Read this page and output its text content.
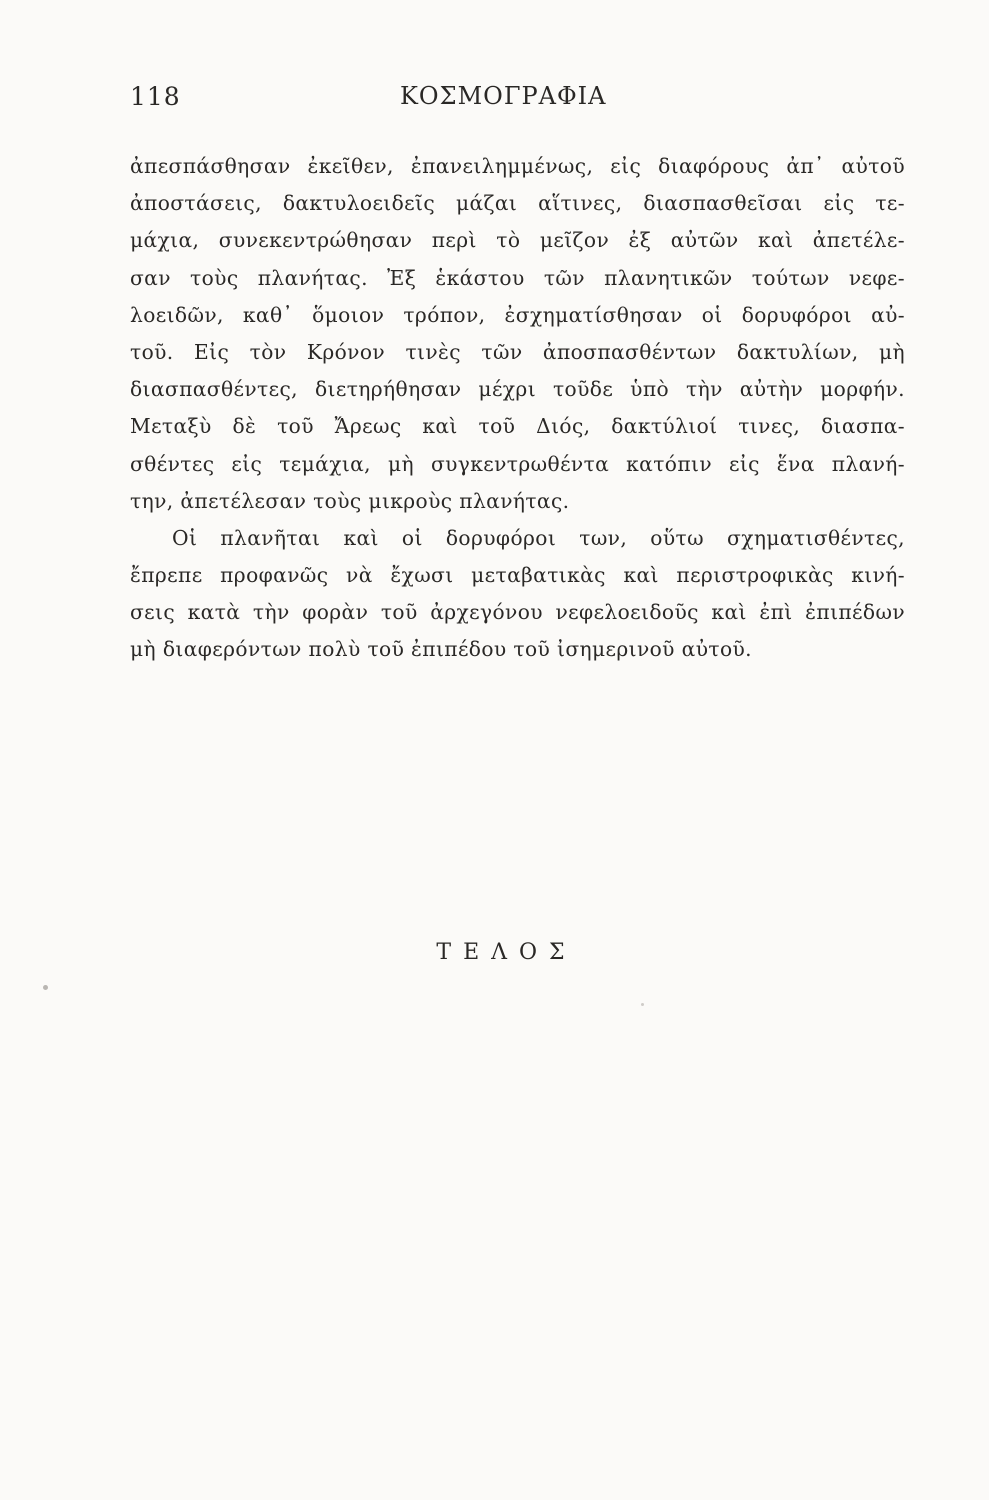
118	ΚΟΣΜΟΓΡΑΦΙΑ
ἀπεσπάσθησαν ἐκεῖθεν, ἐπανειλημμένως, εἰς διαφόρους ἀπ᾿ αὐτοῦ
ἀποστάσεις, δακτυλοειδεῖς μάζαι αἵτινες, διασπασθεῖσαι εἰς τε-
μάχια, συνεκεντρώθησαν περὶ τὸ μεῖζον ἐξ αὐτῶν καὶ ἀπετέλε-
σαν τοὺς πλανήτας. Ἐξ ἑκάστου τῶν πλανητικῶν τούτων νεφε-
λοειδῶν, καθ᾿ ὅμοιον τρόπον, ἐσχηματίσθησαν οἱ δορυφόροι αὐ-
τοῦ. Εἰς τὸν Κρόνον τινὲς τῶν ἀποσπασθέντων δακτυλίων, μὴ
διασπασθέντες, διετηρήθησαν μέχρι τοῦδε ὑπὸ τὴν αὐτὴν μορφήν.
Μεταξὺ δὲ τοῦ Ἄρεως καὶ τοῦ Διός, δακτύλιοί τινες, διασπα-
σθέντες εἰς τεμάχια, μὴ συγκεντρωθέντα κατόπιν εἰς ἕνα πλανή-
την, ἀπετέλεσαν τοὺς μικροὺς πλανήτας.
Οἱ πλανῆται καὶ οἱ δορυφόροι των, οὕτω σχηματισθέντες,
ἔπρεπε προφανῶς νὰ ἔχωσι μεταβατικὰς καὶ περιστροφικὰς κινή-
σεις κατὰ τὴν φορὰν τοῦ ἀρχεγόνου νεφελοειδοῦς καὶ ἐπὶ ἐπιπέδων
μὴ διαφερόντων πολὺ τοῦ ἐπιπέδου τοῦ ἰσημερινοῦ αὐτοῦ.
ΤΕΛΟΣ
